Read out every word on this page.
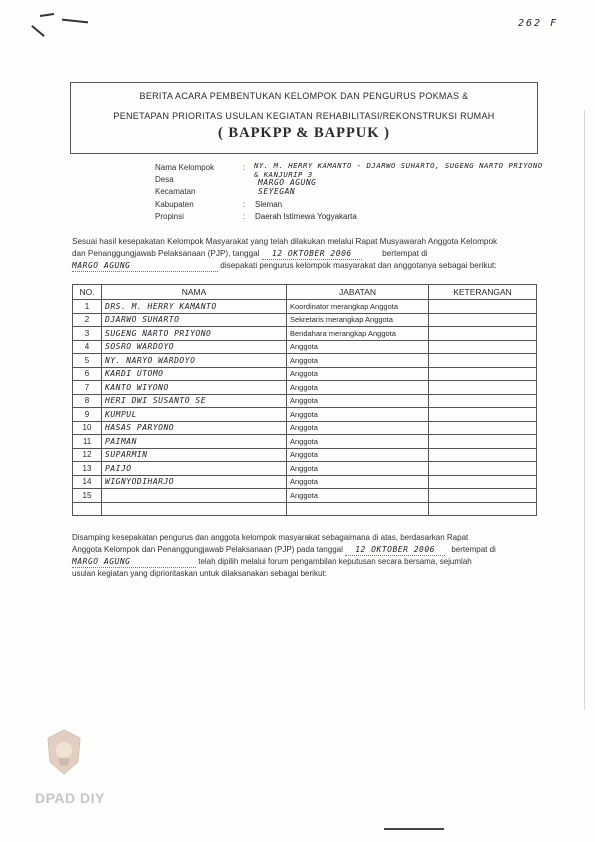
262 F
BERITA ACARA PEMBENTUKAN KELOMPOK DAN PENGURUS POKMAS &
PENETAPAN PRIORITAS USULAN KEGIATAN REHABILITASI/REKONSTRUKSI RUMAH
( BAPKPP & BAPPUK )
Nama Kelompok	: NY. M. HERRY KAMANTO - DJARWO SUHARTO, SUGENG NARTO PRIYONO
& KANJURIP 3
Desa	MARGO AGUNG
Kecamatan	SEYEGAN
Kabupaten	: Sleman
Propinsi	: Daerah Istimewa Yogyakarta
Sesuai hasil kesepakatan Kelompok Masyarakat yang telah dilakukan melalui Rapat Musyawarah Anggota Kelompok
dan Penanggungjawab Pelaksanaan (PJP), tanggal 12 OKTOBER 2006	bertempat di
MARGO AGUNG	disepakati pengurus kelompok masyarakat dan anggotanya sebagai berikut:
NO.	NAMA	JABATAN	KETERANGAN
1	DRS. M. HERRY KAMANTO	Koordinator merangkap Anggota	
2	DJARWO SUHARTO	Sekretaris merangkap Anggota	
3	SUGENG NARTO PRIYONO	Bendahara merangkap Anggota	
4	SOSRO WARDOYO	Anggota	
5	NY. NARYO WARDOYO	Anggota	
6	KARDI UTOMO	Anggota	
7	KANTO WIYONO	Anggota	
8	HERI DWI SUSANTO SE	Anggota	
9	KUMPUL	Anggota	
10	HASAS PARYONO	Anggota	
11	PAIMAN	Anggota	
12	SUPARMIN	Anggota	
13	PAIJO	Anggota	
14	WIGNYODIHARJO	Anggota	
15		Anggota	

Disamping kesepakatan pengurus dan anggota kelompok masyarakat sebagaimana di atas, berdasarkan Rapat
Anggota Kelompok dan Penanggungjawab Pelaksanaan (PJP) pada tanggal 12 OKTOBER 2006 bertempat di
MARGO AGUNG	telah dipilih melalui forum pengambilan keputusan secara bersama, sejumlah
usulan kegiatan yang diprioritaskan untuk dilaksanakan sebagai berikut:
DPAD DIY
